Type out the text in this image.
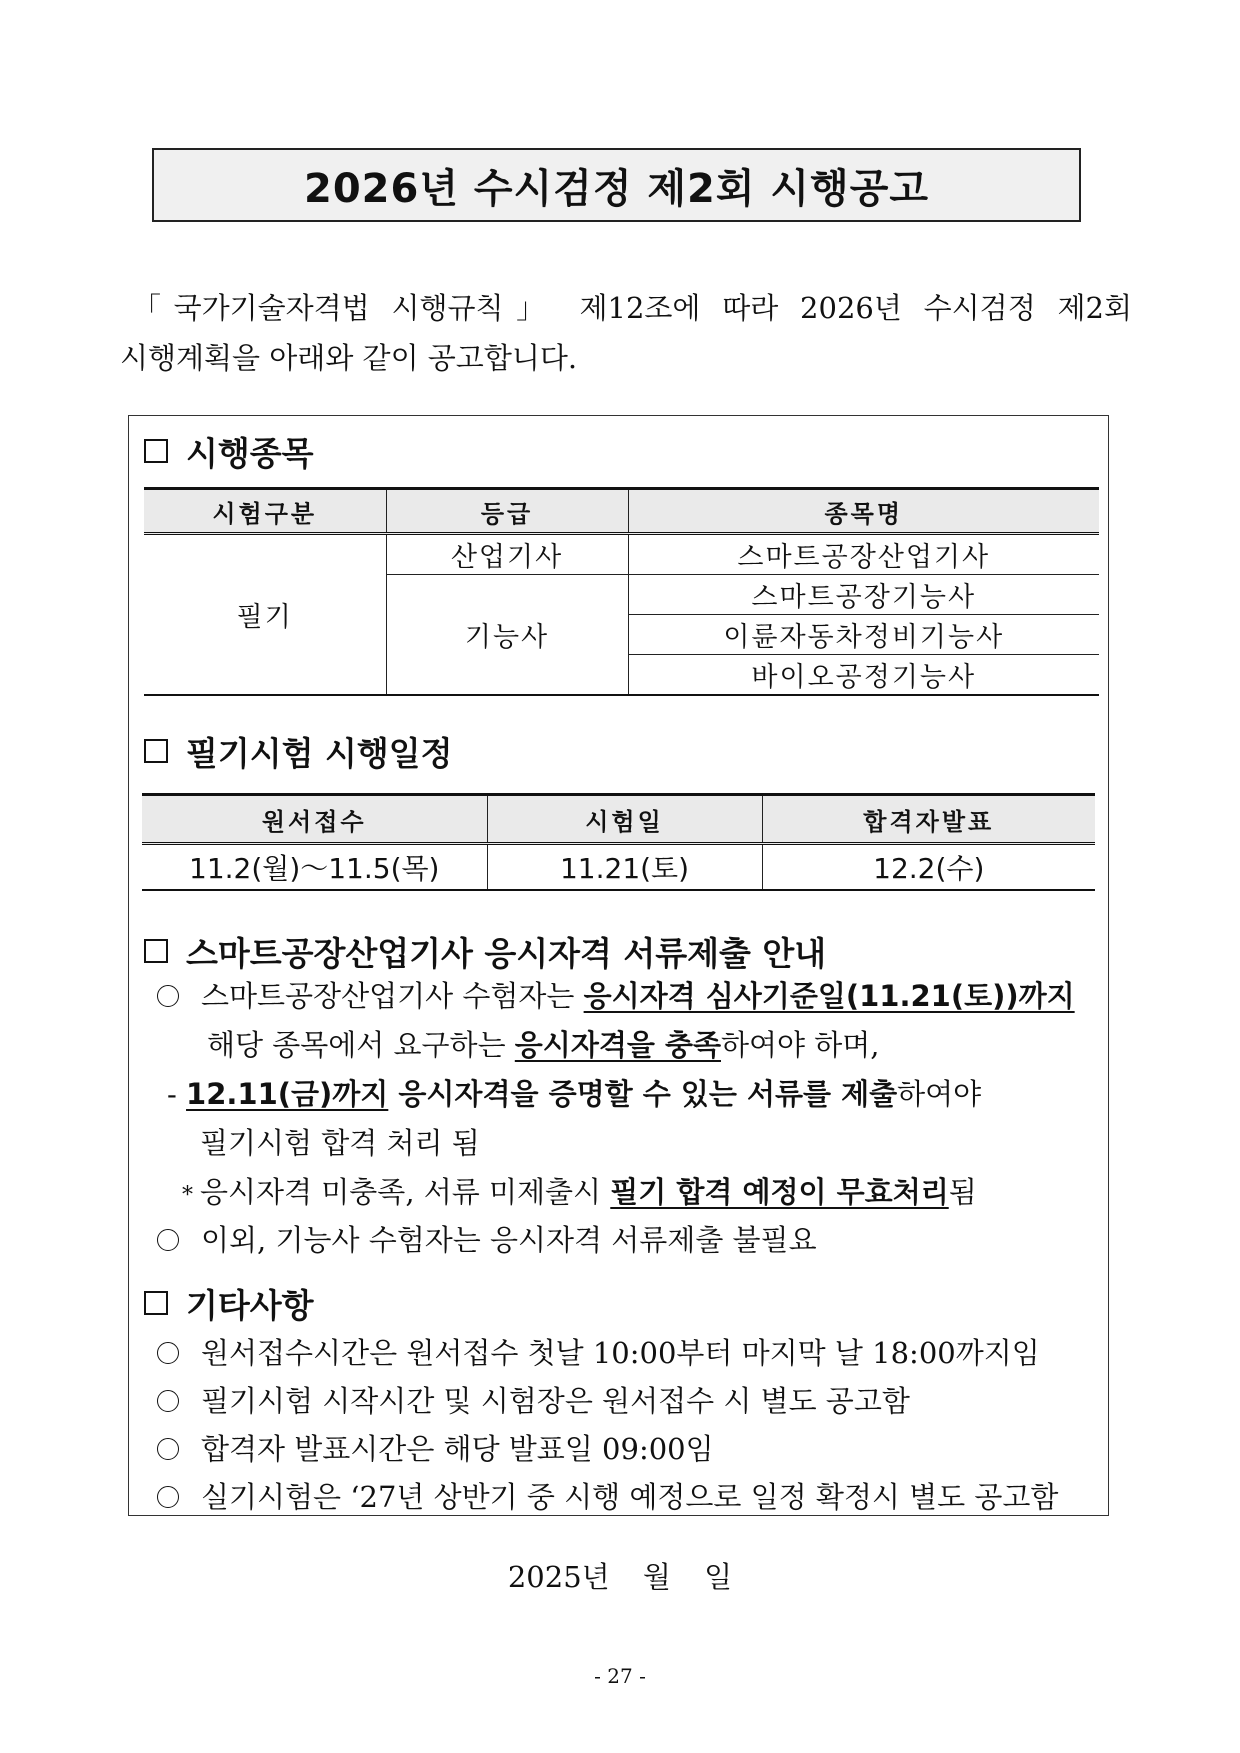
2026년 수시검정 제2회 시행공고
「국가기술자격법 시행규칙」 제12조에 따라 2026년 수시검정 제2회
시행계획을 아래와 같이 공고합니다.
시행종목
시험구분	등급	종목명
필기	산업기사	스마트공장산업기사
	기능사	스마트공장기능사
		이륜자동차정비기능사
		바이오공정기능사
필기시험 시행일정
원서접수	시험일	합격자발표
11.2(월)～11.5(목)	11.21(토)	12.2(수)
스마트공장산업기사 응시자격 서류제출 안내
스마트공장산업기사 수험자는 응시자격 심사기준일(11.21(토))까지
해당 종목에서 요구하는 응시자격을 충족하여야 하며,
- 12.11(금)까지 응시자격을 증명할 수 있는 서류를 제출하여야
필기시험 합격 처리 됨
* 응시자격 미충족, 서류 미제출시 필기 합격 예정이 무효처리됨
이외, 기능사 수험자는 응시자격 서류제출 불필요
기타사항
원서접수시간은 원서접수 첫날 10:00부터 마지막 날 18:00까지임
필기시험 시작시간 및 시험장은 원서접수 시 별도 공고함
합격자 발표시간은 해당 발표일 09:00임
실기시험은 ‘27년 상반기 중 시행 예정으로 일정 확정시 별도 공고함
2025년 월 일
- 27 -
